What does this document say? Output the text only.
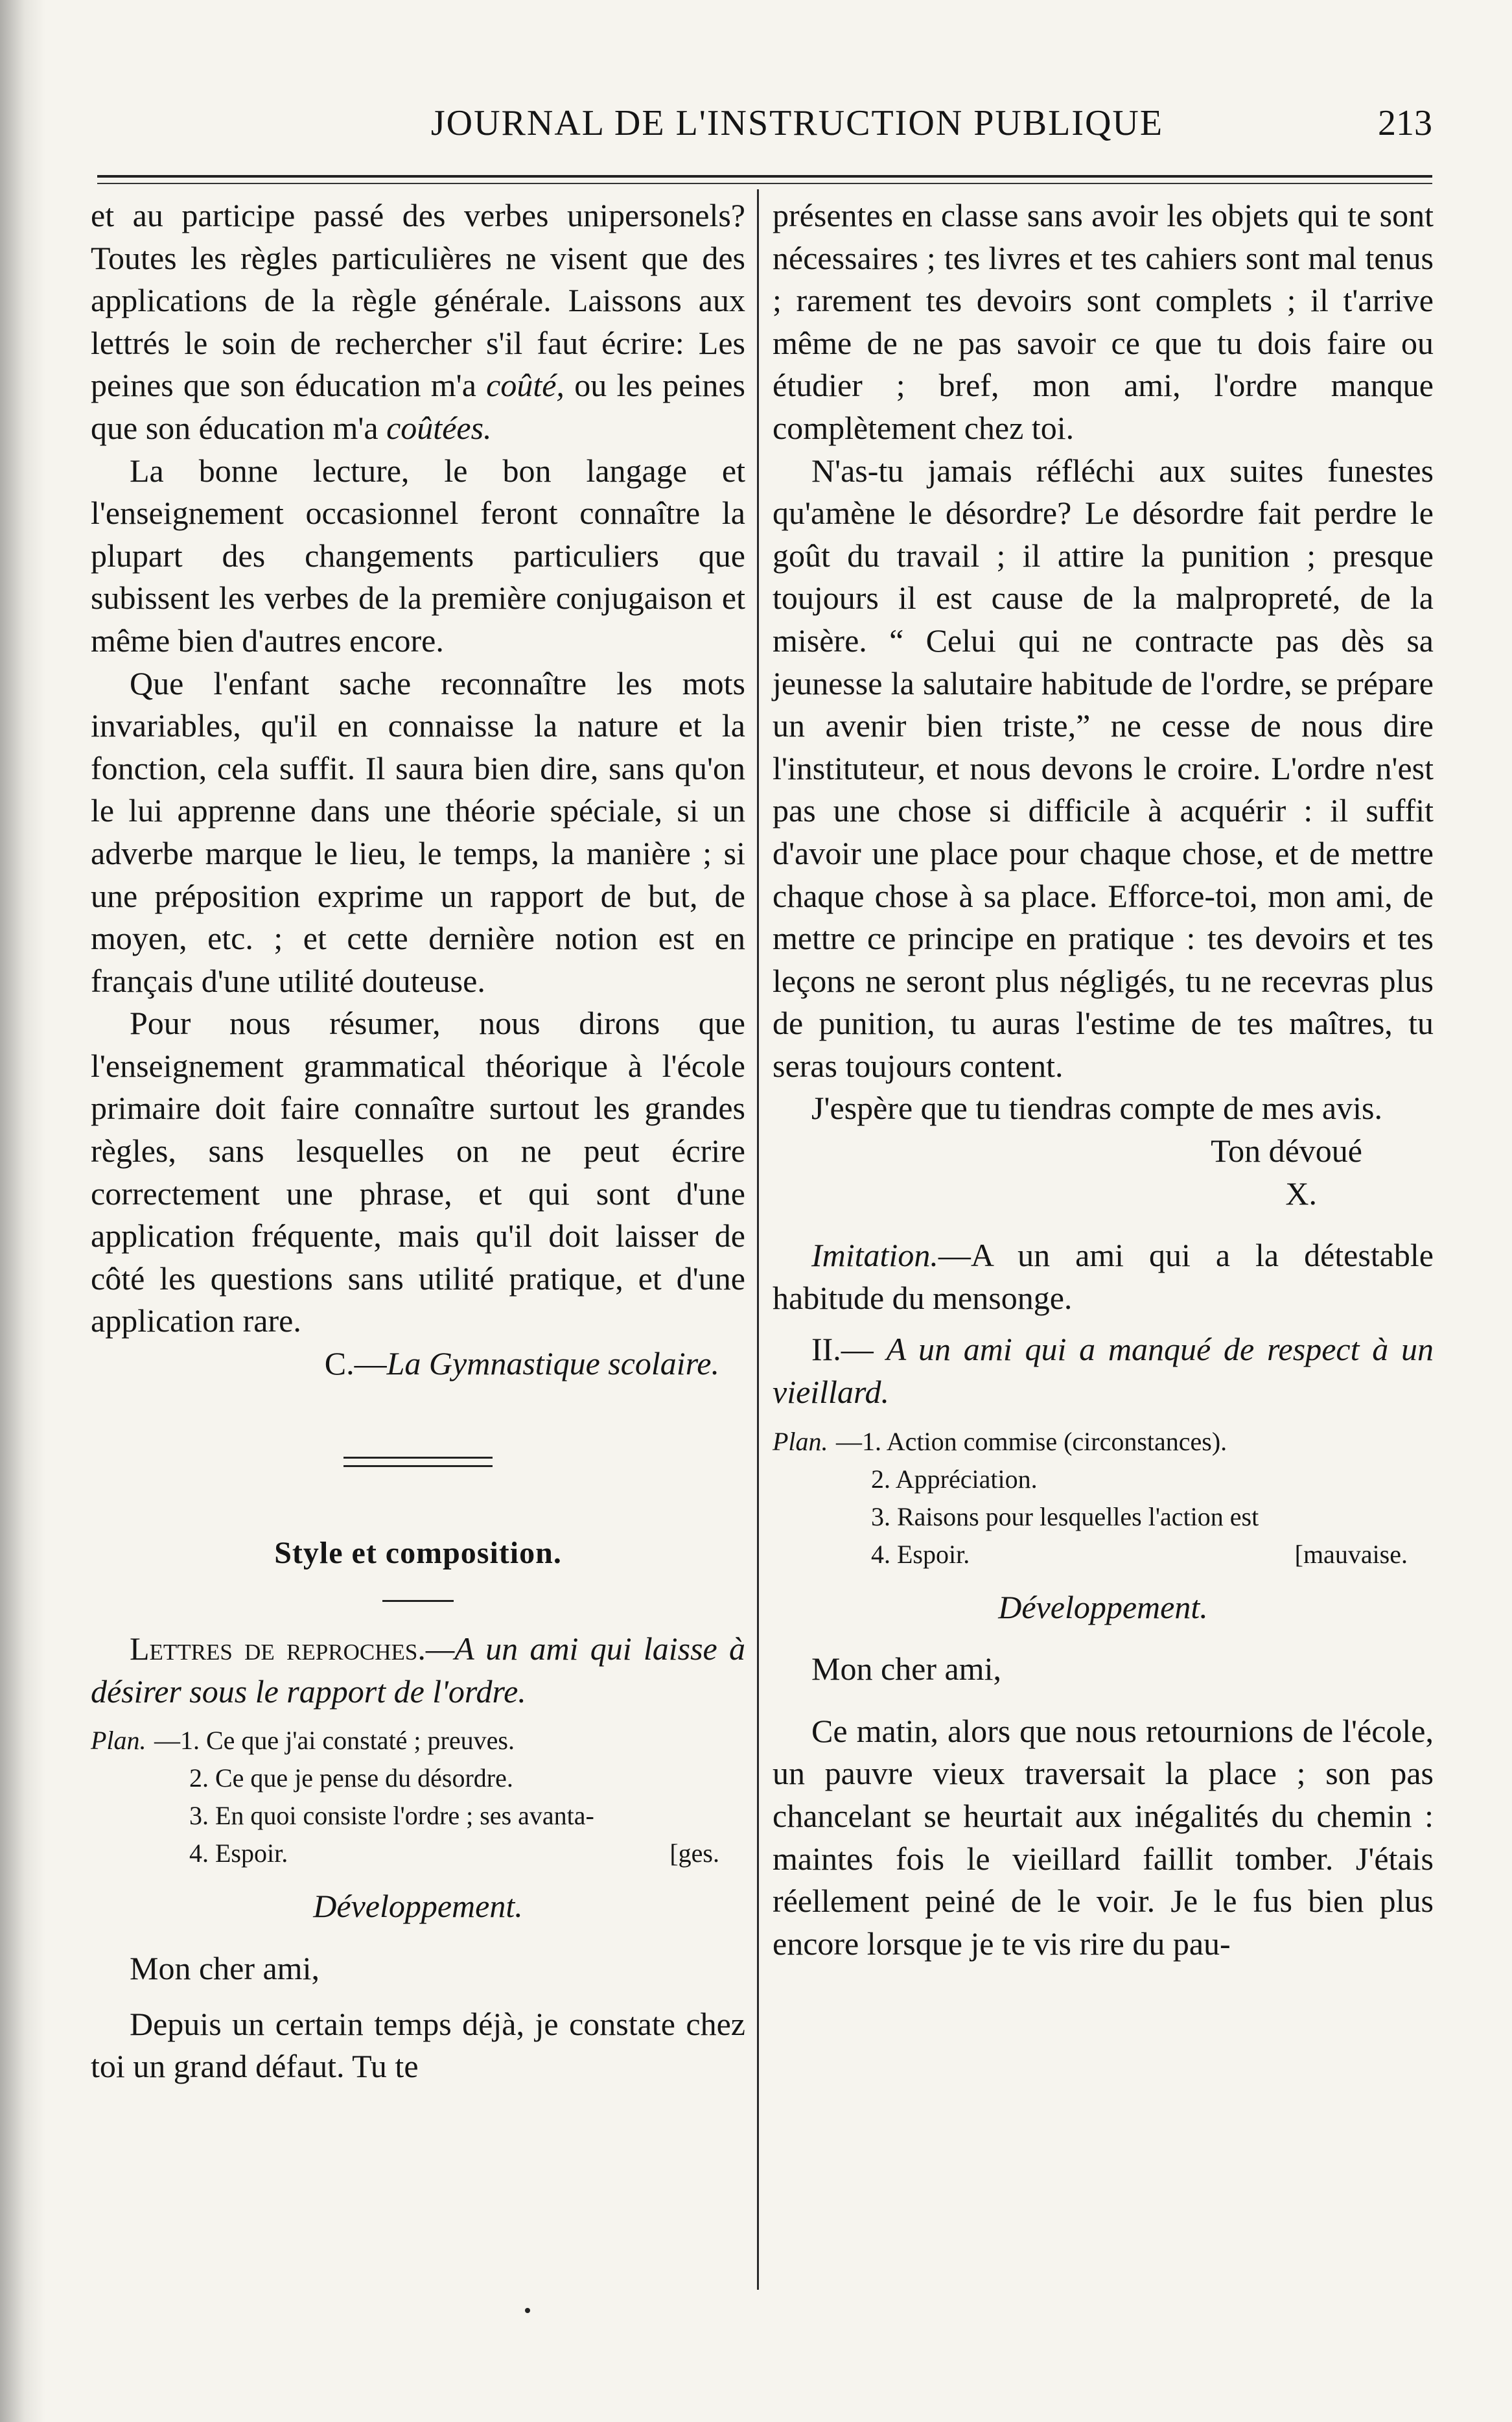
JOURNAL DE L'INSTRUCTION PUBLIQUE	213

et au participe passé des verbes unipersonels? Toutes les règles particulières ne visent que des applications de la règle générale. Laissons aux lettrés le soin de rechercher s'il faut écrire: Les peines que son éducation m'a coûté, ou les peines que son éducation m'a coûtées.

La bonne lecture, le bon langage et l'enseignement occasionnel feront connaître la plupart des changements particuliers que subissent les verbes de la première conjugaison et même bien d'autres encore.

Que l'enfant sache reconnaître les mots invariables, qu'il en connaisse la nature et la fonction, cela suffit. Il saura bien dire, sans qu'on le lui apprenne dans une théorie spéciale, si un adverbe marque le lieu, le temps, la manière ; si une préposition exprime un rapport de but, de moyen, etc. ; et cette dernière notion est en français d'une utilité douteuse.

Pour nous résumer, nous dirons que l'enseignement grammatical théorique à l'école primaire doit faire connaître surtout les grandes règles, sans lesquelles on ne peut écrire correctement une phrase, et qui sont d'une application fréquente, mais qu'il doit laisser de côté les questions sans utilité pratique, et d'une application rare.

C.—La Gymnastique scolaire.

Style et composition.

Lettres de reproches.—A un ami qui laisse à désirer sous le rapport de l'ordre.

Plan. —1. Ce que j'ai constaté ; preuves.
2. Ce que je pense du désordre.
3. En quoi consiste l'ordre ; ses avanta-
4. Espoir.	[ges.

Développement.

Mon cher ami,

Depuis un certain temps déjà, je constate chez toi un grand défaut. Tu te

présentes en classe sans avoir les objets qui te sont nécessaires ; tes livres et tes cahiers sont mal tenus ; rarement tes devoirs sont complets ; il t'arrive même de ne pas savoir ce que tu dois faire ou étudier ; bref, mon ami, l'ordre manque complètement chez toi.

N'as-tu jamais réfléchi aux suites funestes qu'amène le désordre? Le désordre fait perdre le goût du travail ; il attire la punition ; presque toujours il est cause de la malpropreté, de la misère. “ Celui qui ne contracte pas dès sa jeunesse la salutaire habitude de l'ordre, se prépare un avenir bien triste,” ne cesse de nous dire l'instituteur, et nous devons le croire. L'ordre n'est pas une chose si difficile à acquérir : il suffit d'avoir une place pour chaque chose, et de mettre chaque chose à sa place. Efforce-toi, mon ami, de mettre ce principe en pratique : tes devoirs et tes leçons ne seront plus négligés, tu ne recevras plus de punition, tu auras l'estime de tes maîtres, tu seras toujours content.

J'espère que tu tiendras compte de mes avis.

Ton dévoué

X.

Imitation.—A un ami qui a la détestable habitude du mensonge.

II.— A un ami qui a manqué de respect à un vieillard.

Plan. —1. Action commise (circonstances).
2. Appréciation.
3. Raisons pour lesquelles l'action est
4. Espoir.	[mauvaise.

Développement.

Mon cher ami,

Ce matin, alors que nous retournions de l'école, un pauvre vieux traversait la place ; son pas chancelant se heurtait aux inégalités du chemin : maintes fois le vieillard faillit tomber. J'étais réellement peiné de le voir. Je le fus bien plus encore lorsque je te vis rire du pau-
